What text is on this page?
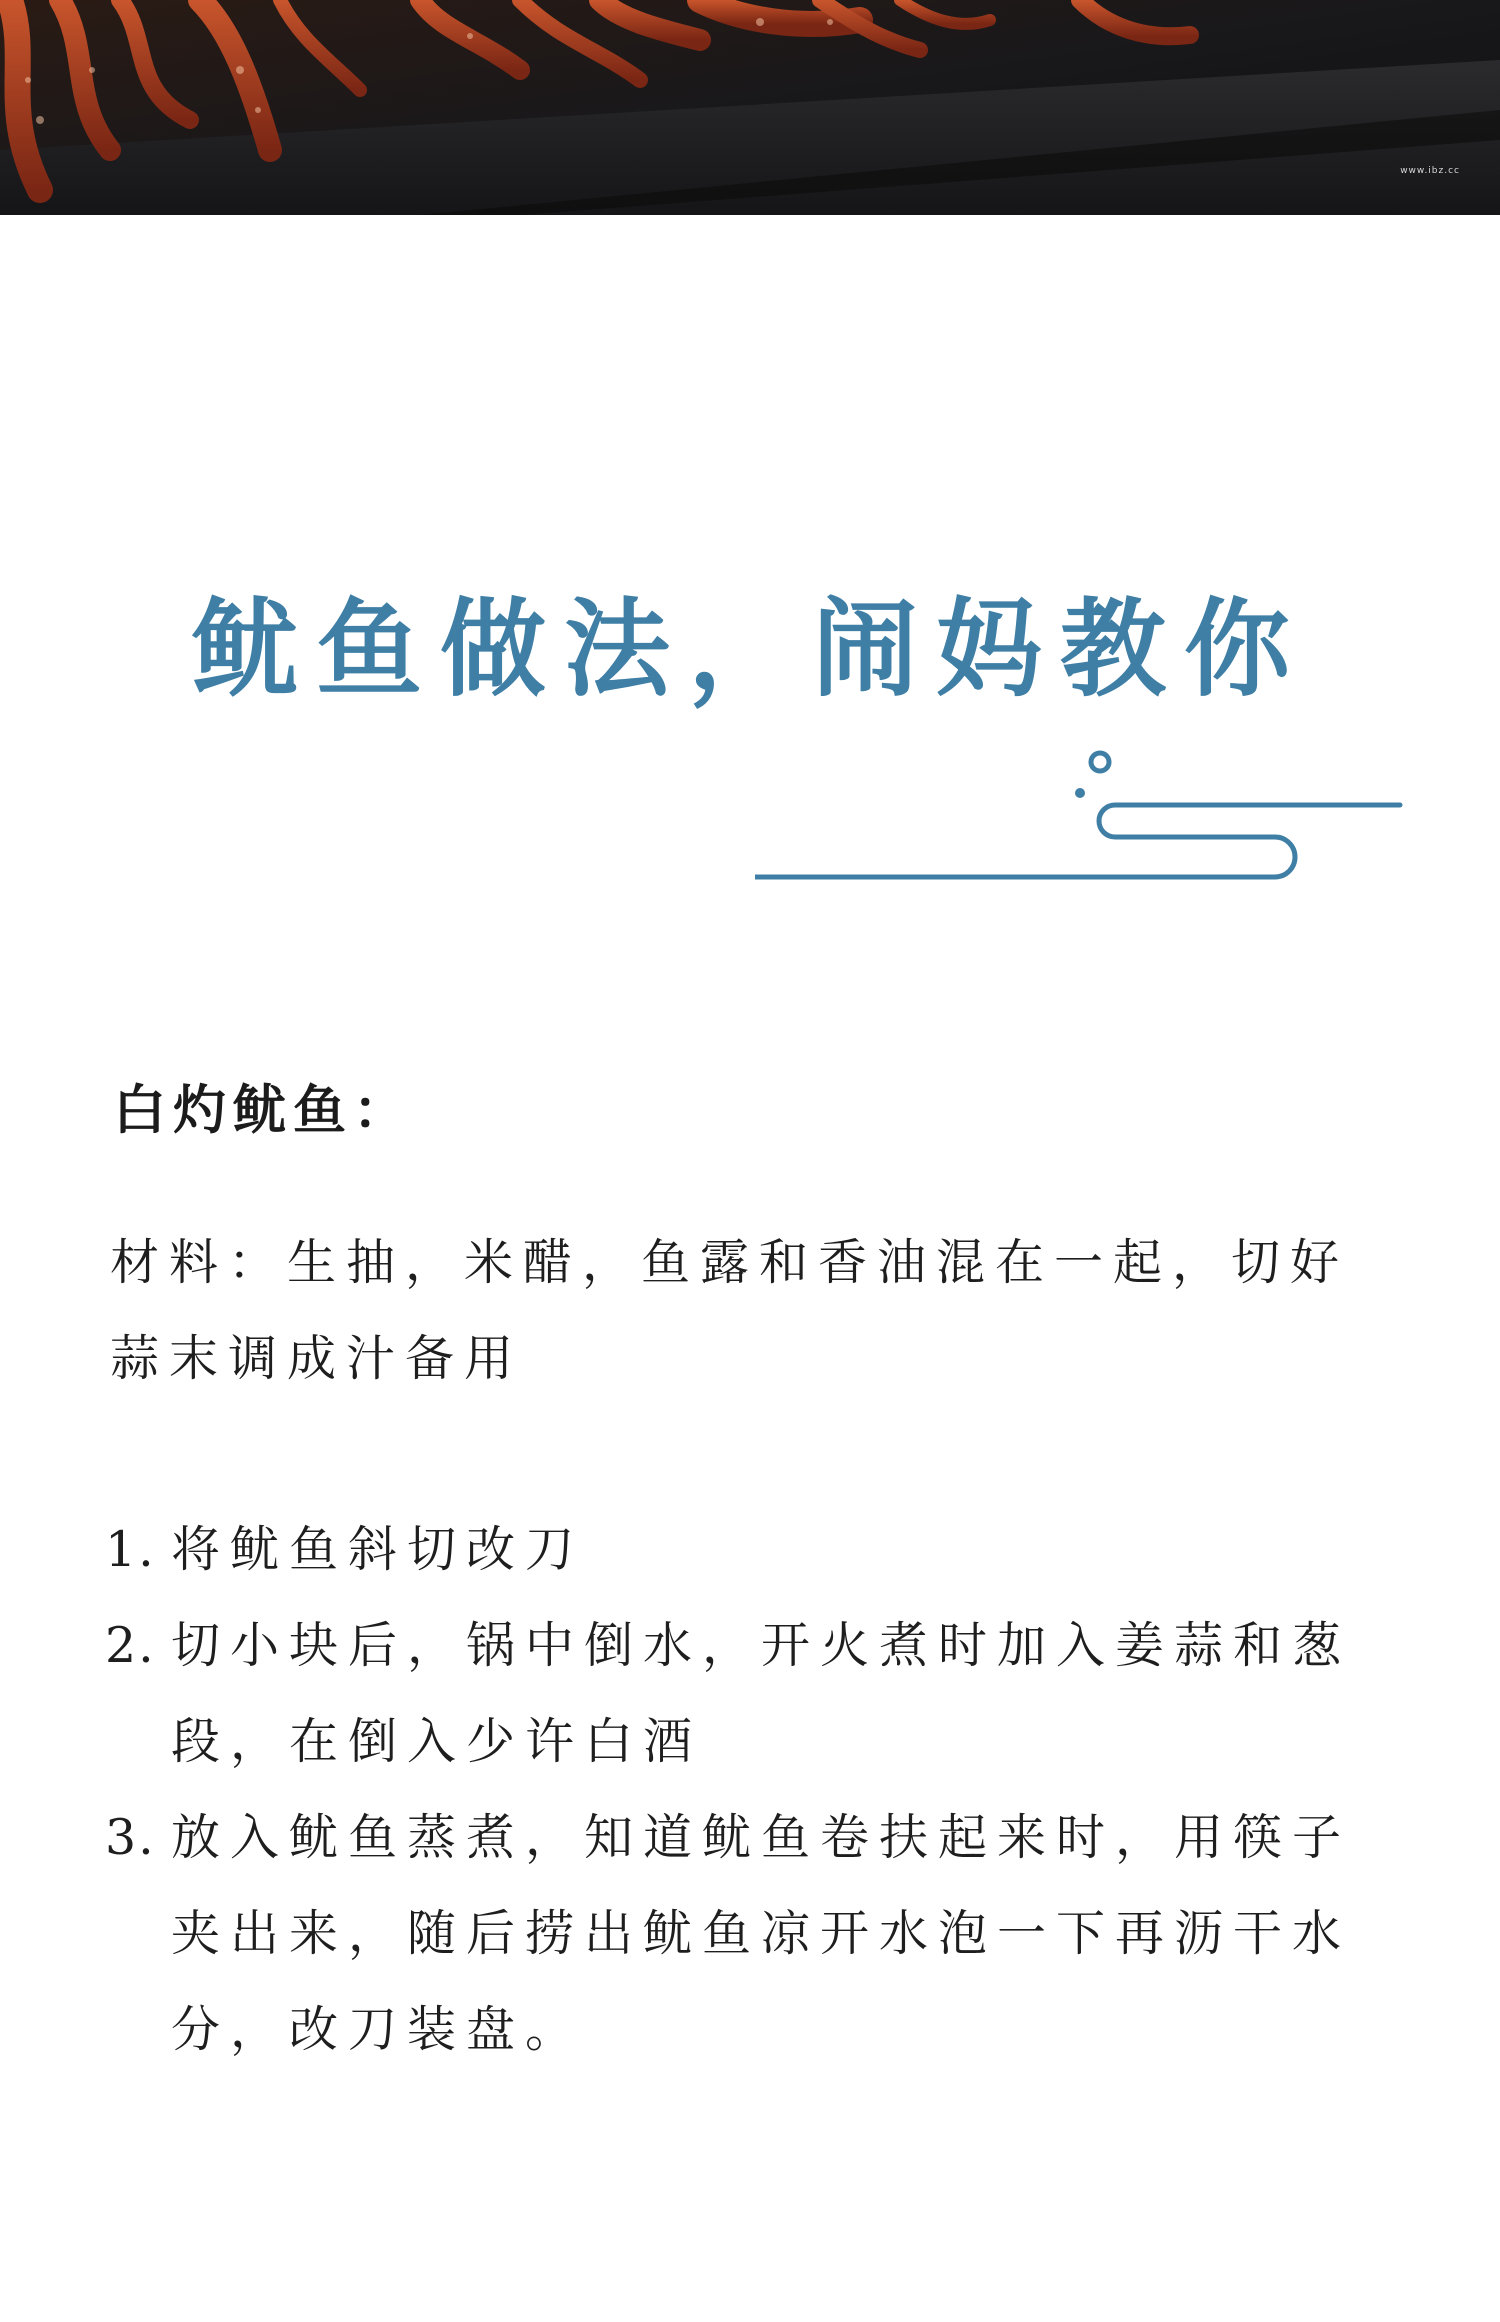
www.ibz.cc
鱿鱼做法，闹妈教你
白灼鱿鱼：

材料：生抽，米醋，鱼露和香油混在一起，切好蒜末调成汁备用

1. 将鱿鱼斜切改刀
2. 切小块后，锅中倒水，开火煮时加入姜蒜和葱段，在倒入少许白酒
3. 放入鱿鱼蒸煮，知道鱿鱼卷扶起来时，用筷子夹出来，随后捞出鱿鱼凉开水泡一下再沥干水分，改刀装盘。
